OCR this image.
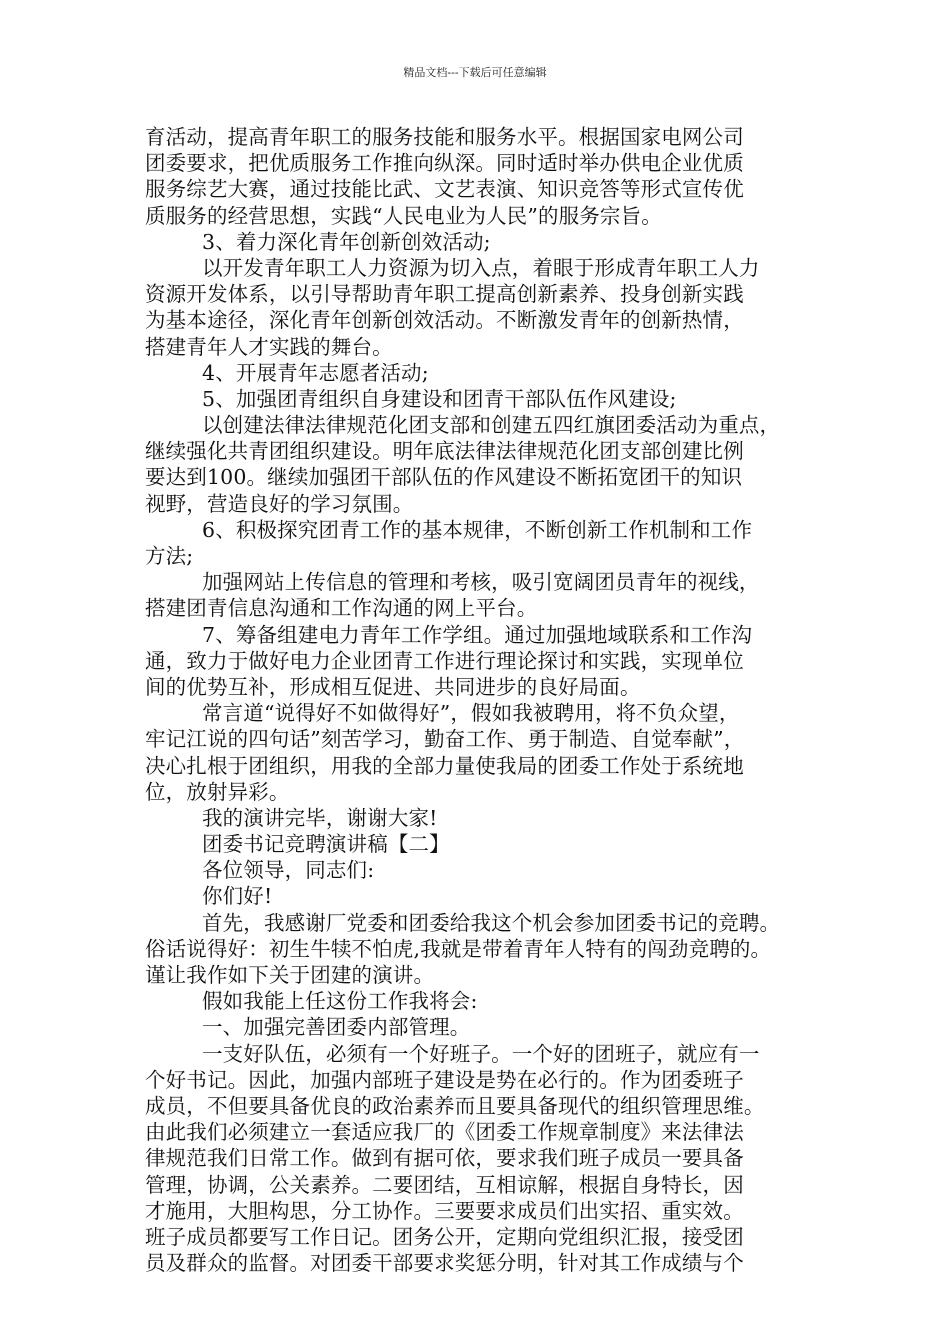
精品文档---下载后可任意编辑
育活动，提高青年职工的服务技能和服务水平。根据国家电网公司
团委要求，把优质服务工作推向纵深。同时适时举办供电企业优质
服务综艺大赛，通过技能比武、文艺表演、知识竞答等形式宣传优
质服务的经营思想，实践“人民电业为人民”的服务宗旨。
3、着力深化青年创新创效活动;
以开发青年职工人力资源为切入点，着眼于形成青年职工人力
资源开发体系，以引导帮助青年职工提高创新素养、投身创新实践
为基本途径，深化青年创新创效活动。不断激发青年的创新热情，
搭建青年人才实践的舞台。
4、开展青年志愿者活动;
5、加强团青组织自身建设和团青干部队伍作风建设;
以创建法律法律规范化团支部和创建五四红旗团委活动为重点，
继续强化共青团组织建设。明年底法律法律规范化团支部创建比例
要达到100。继续加强团干部队伍的作风建设不断拓宽团干的知识
视野，营造良好的学习氛围。
6、积极探究团青工作的基本规律，不断创新工作机制和工作
方法;
加强网站上传信息的管理和考核，吸引宽阔团员青年的视线，
搭建团青信息沟通和工作沟通的网上平台。
7、筹备组建电力青年工作学组。通过加强地域联系和工作沟
通，致力于做好电力企业团青工作进行理论探讨和实践，实现单位
间的优势互补，形成相互促进、共同进步的良好局面。
常言道“说得好不如做得好”，假如我被聘用，将不负众望，
牢记江说的四句话”刻苦学习，勤奋工作、勇于制造、自觉奉献”，
决心扎根于团组织，用我的全部力量使我局的团委工作处于系统地
位，放射异彩。
我的演讲完毕，谢谢大家!
团委书记竞聘演讲稿【二】
各位领导，同志们:
你们好!
首先，我感谢厂党委和团委给我这个机会参加团委书记的竞聘。
俗话说得好：初生牛犊不怕虎,我就是带着青年人特有的闯劲竞聘的。
谨让我作如下关于团建的演讲。
假如我能上任这份工作我将会:
一、加强完善团委内部管理。
一支好队伍，必须有一个好班子。一个好的团班子，就应有一
个好书记。因此，加强内部班子建设是势在必行的。作为团委班子
成员，不但要具备优良的政治素养而且要具备现代的组织管理思维。
由此我们必须建立一套适应我厂的《团委工作规章制度》来法律法
律规范我们日常工作。做到有据可依，要求我们班子成员一要具备
管理，协调，公关素养。二要团结，互相谅解，根据自身特长，因
才施用，大胆构思，分工协作。三要要求成员们出实招、重实效。
班子成员都要写工作日记。团务公开，定期向党组织汇报，接受团
员及群众的监督。对团委干部要求奖惩分明，针对其工作成绩与个
